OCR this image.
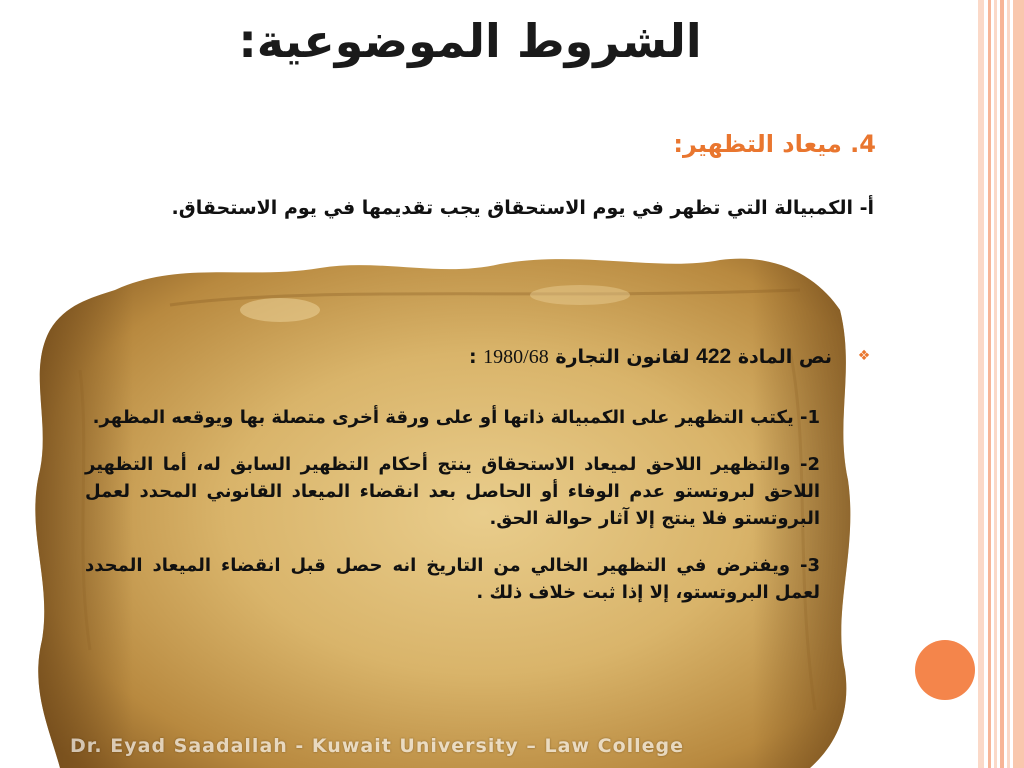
الشروط الموضوعية:
4. ميعاد التظهير:
أ- الكمبيالة التي تظهر في يوم الاستحقاق يجب تقديمها في يوم الاستحقاق.
❖
نص المادة 422 لقانون التجارة 1980/68 :
1- يكتب التظهير على الكمبيالة ذاتها أو على ورقة أخرى متصلة بها ويوقعه المظهر.
2- والتظهير اللاحق لميعاد الاستحقاق ينتج أحكام التظهير السابق له، أما التظهير اللاحق لبروتستو عدم الوفاء أو الحاصل بعد انقضاء الميعاد القانوني المحدد لعمل البروتستو فلا ينتج إلا آثار حوالة الحق.
3- ويفترض في التظهير الخالي من التاريخ انه حصل قبل انقضاء الميعاد المحدد لعمل البروتستو، إلا إذا ثبت خلاف ذلك .
Dr. Eyad Saadallah - Kuwait University – Law College
